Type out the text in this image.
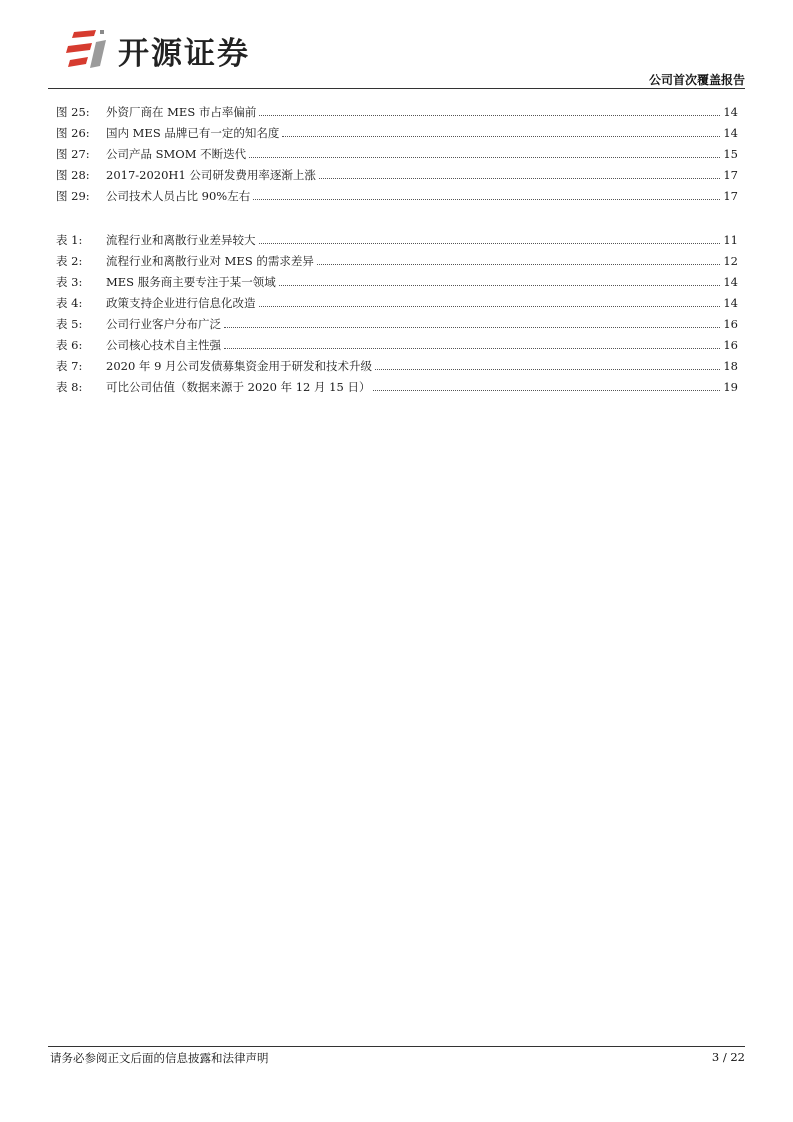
开源证券
公司首次覆盖报告
图 25:	外资厂商在 MES 市占率偏前	14
图 26:	国内 MES 品牌已有一定的知名度	14
图 27:	公司产品 SMOM 不断迭代	15
图 28:	2017-2020H1 公司研发费用率逐渐上涨	17
图 29:	公司技术人员占比 90%左右	17
表 1:	流程行业和离散行业差异较大	11
表 2:	流程行业和离散行业对 MES 的需求差异	12
表 3:	MES 服务商主要专注于某一领域	14
表 4:	政策支持企业进行信息化改造	14
表 5:	公司行业客户分布广泛	16
表 6:	公司核心技术自主性强	16
表 7:	2020 年 9 月公司发债募集资金用于研发和技术升级	18
表 8:	可比公司估值（数据来源于 2020 年 12 月 15 日）	19
请务必参阅正文后面的信息披露和法律声明	3 / 22
